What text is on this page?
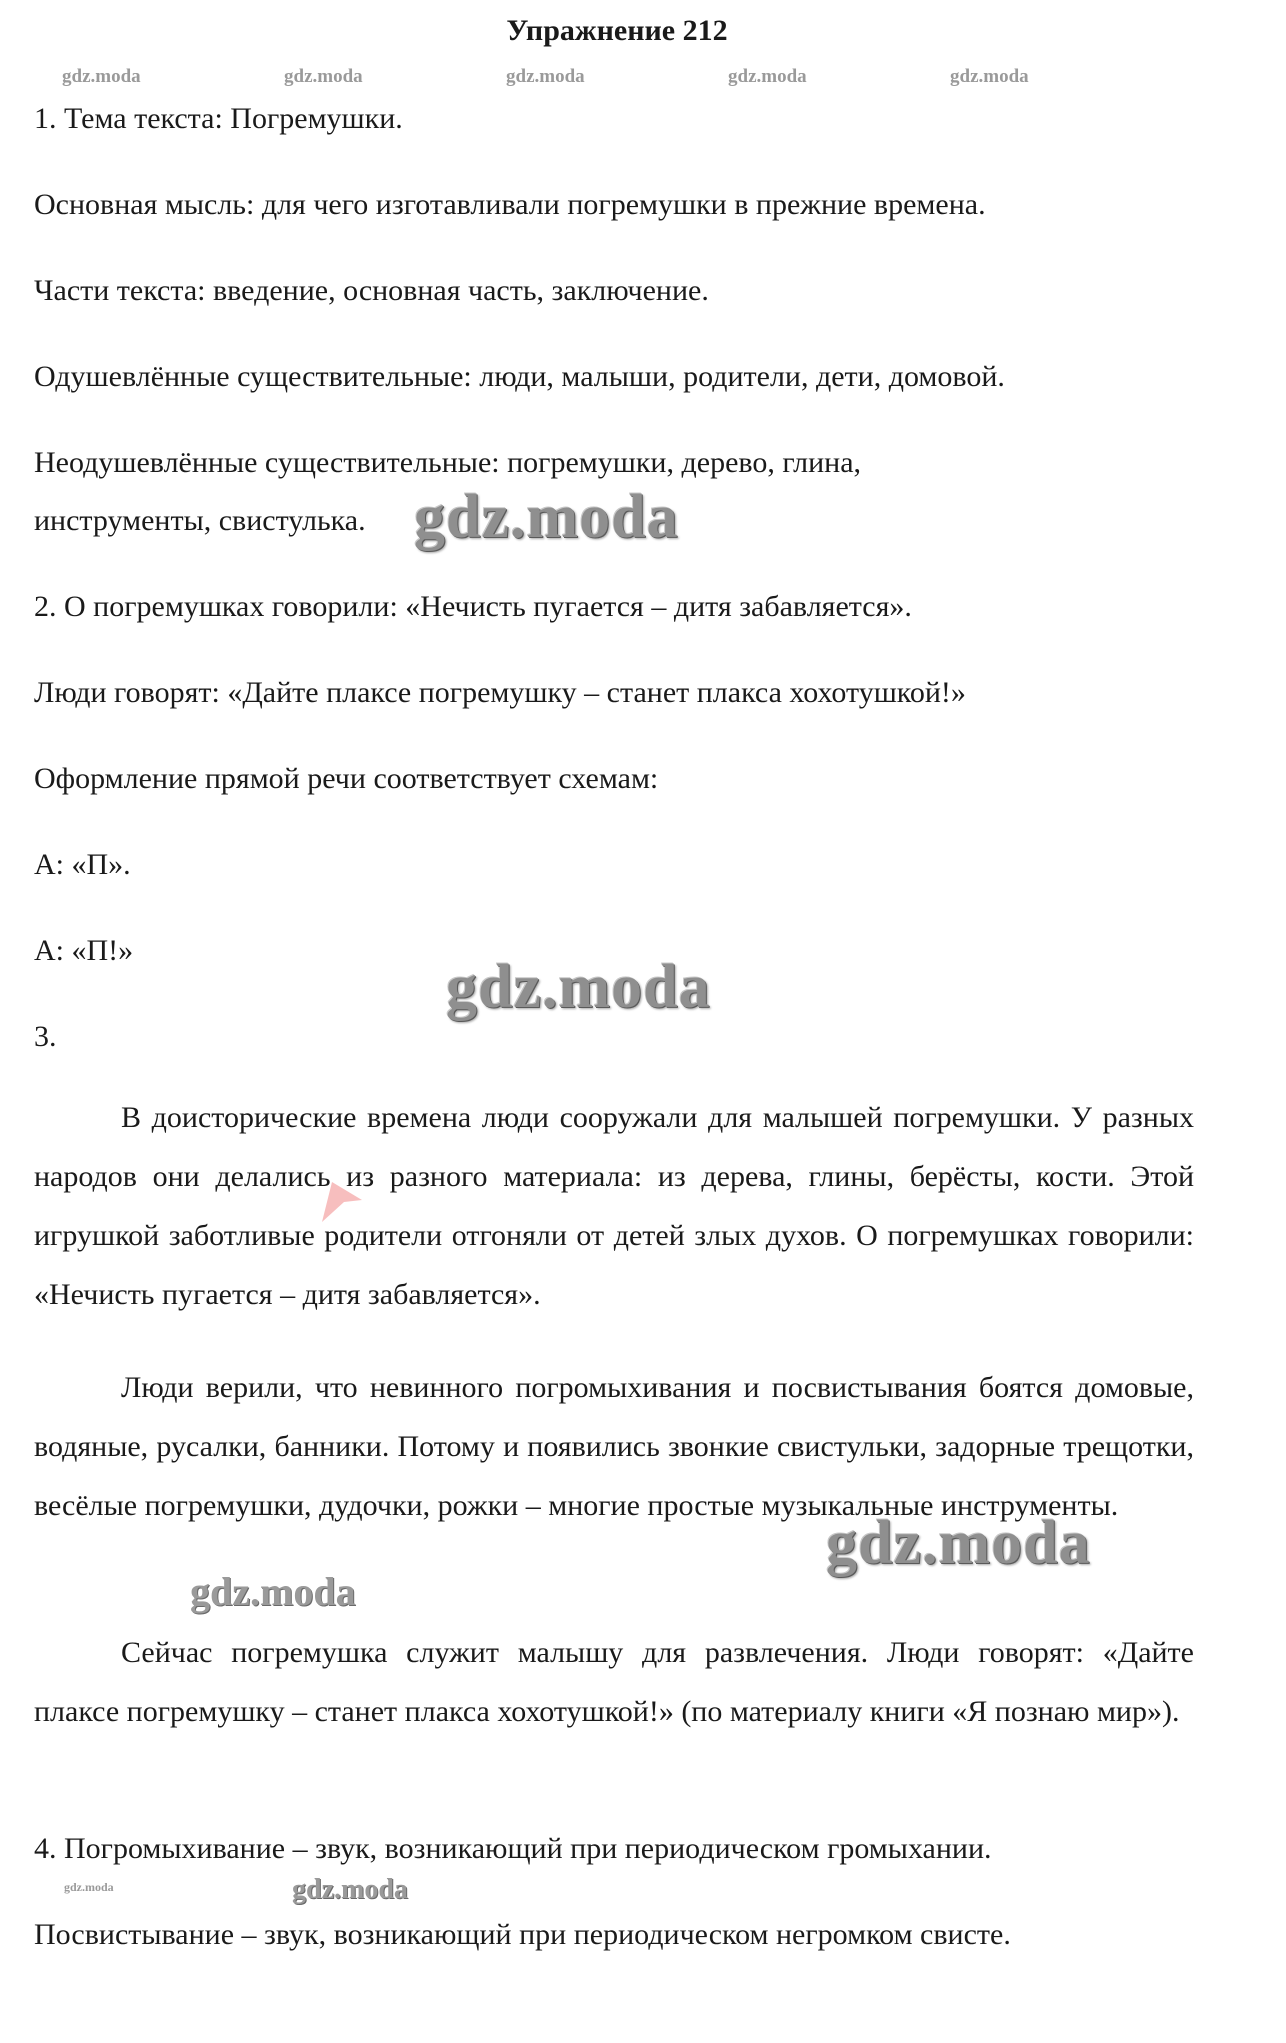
Упражнение 212
gdz.moda	gdz.moda	gdz.moda	gdz.moda	gdz.moda
1. Тема текста: Погремушки.
Основная мысль: для чего изготавливали погремушки в прежние времена.
Части текста: введение, основная часть, заключение.
Одушевлённые существительные: люди, малыши, родители, дети, домовой.
Неодушевлённые существительные: погремушки, дерево, глина,
инструменты, свистулька.
2. О погремушках говорили: «Нечисть пугается – дитя забавляется».
Люди говорят: «Дайте плаксе погремушку – станет плакса хохотушкой!»
Оформление прямой речи соответствует схемам:
А: «П».
А: «П!»
3.
В доисторические времена люди сооружали для малышей погремушки. У разных народов они делались из разного материала: из дерева, глины, берёсты, кости. Этой игрушкой заботливые родители отгоняли от детей злых духов. О погремушках говорили: «Нечисть пугается – дитя забавляется».
Люди верили, что невинного погромыхивания и посвистывания боятся домовые, водяные, русалки, банники. Потому и появились звонкие свистульки, задорные трещотки, весёлые погремушки, дудочки, рожки – многие простые музыкальные инструменты.
Сейчас погремушка служит малышу для развлечения. Люди говорят: «Дайте плаксе погремушку – станет плакса хохотушкой!» (по материалу книги «Я познаю мир»).
4. Погромыхивание – звук, возникающий при периодическом громыхании.
Посвистывание – звук, возникающий при периодическом негромком свисте.
gdz.moda
gdz.moda
gdz.moda
gdz.moda
gdz.moda
gdz.moda
